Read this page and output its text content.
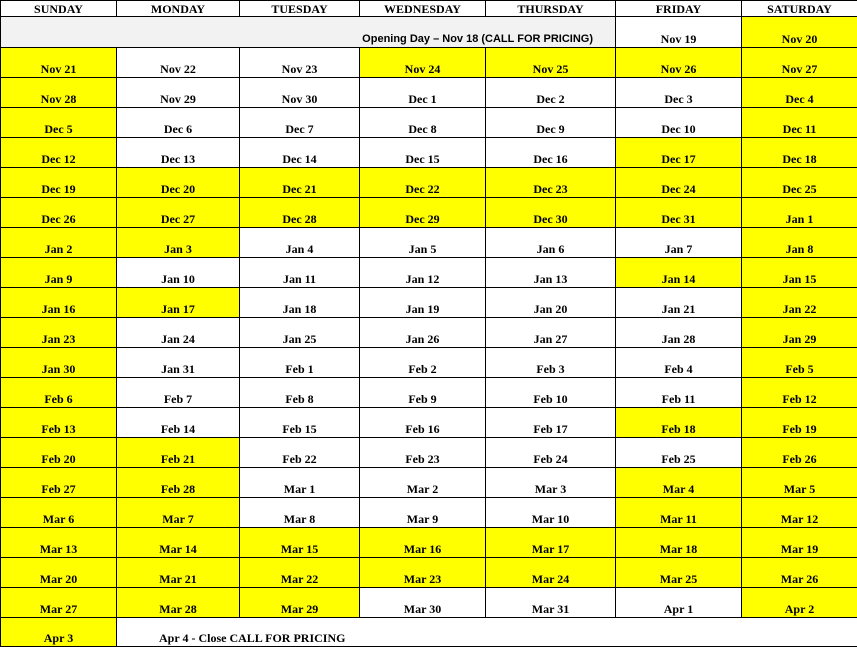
SUNDAY	MONDAY	TUESDAY	WEDNESDAY	THURSDAY	FRIDAY	SATURDAY
Opening Day – Nov 18 (CALL FOR PRICING)					Nov 19	Nov 20
Nov 21	Nov 22	Nov 23	Nov 24	Nov 25	Nov 26	Nov 27
Nov 28	Nov 29	Nov 30	Dec 1	Dec 2	Dec 3	Dec 4
Dec 5	Dec 6	Dec 7	Dec 8	Dec 9	Dec 10	Dec 11
Dec 12	Dec 13	Dec 14	Dec 15	Dec 16	Dec 17	Dec 18
Dec 19	Dec 20	Dec 21	Dec 22	Dec 23	Dec 24	Dec 25
Dec 26	Dec 27	Dec 28	Dec 29	Dec 30	Dec 31	Jan 1
Jan 2	Jan 3	Jan 4	Jan 5	Jan 6	Jan 7	Jan 8
Jan 9	Jan 10	Jan 11	Jan 12	Jan 13	Jan 14	Jan 15
Jan 16	Jan 17	Jan 18	Jan 19	Jan 20	Jan 21	Jan 22
Jan 23	Jan 24	Jan 25	Jan 26	Jan 27	Jan 28	Jan 29
Jan 30	Jan 31	Feb 1	Feb 2	Feb 3	Feb 4	Feb 5
Feb 6	Feb 7	Feb 8	Feb 9	Feb 10	Feb 11	Feb 12
Feb 13	Feb 14	Feb 15	Feb 16	Feb 17	Feb 18	Feb 19
Feb 20	Feb 21	Feb 22	Feb 23	Feb 24	Feb 25	Feb 26
Feb 27	Feb 28	Mar 1	Mar 2	Mar 3	Mar 4	Mar 5
Mar 6	Mar 7	Mar 8	Mar 9	Mar 10	Mar 11	Mar 12
Mar 13	Mar 14	Mar 15	Mar 16	Mar 17	Mar 18	Mar 19
Mar 20	Mar 21	Mar 22	Mar 23	Mar 24	Mar 25	Mar 26
Mar 27	Mar 28	Mar 29	Mar 30	Mar 31	Apr 1	Apr 2
Apr 3	Apr 4 - Close CALL FOR PRICING					
